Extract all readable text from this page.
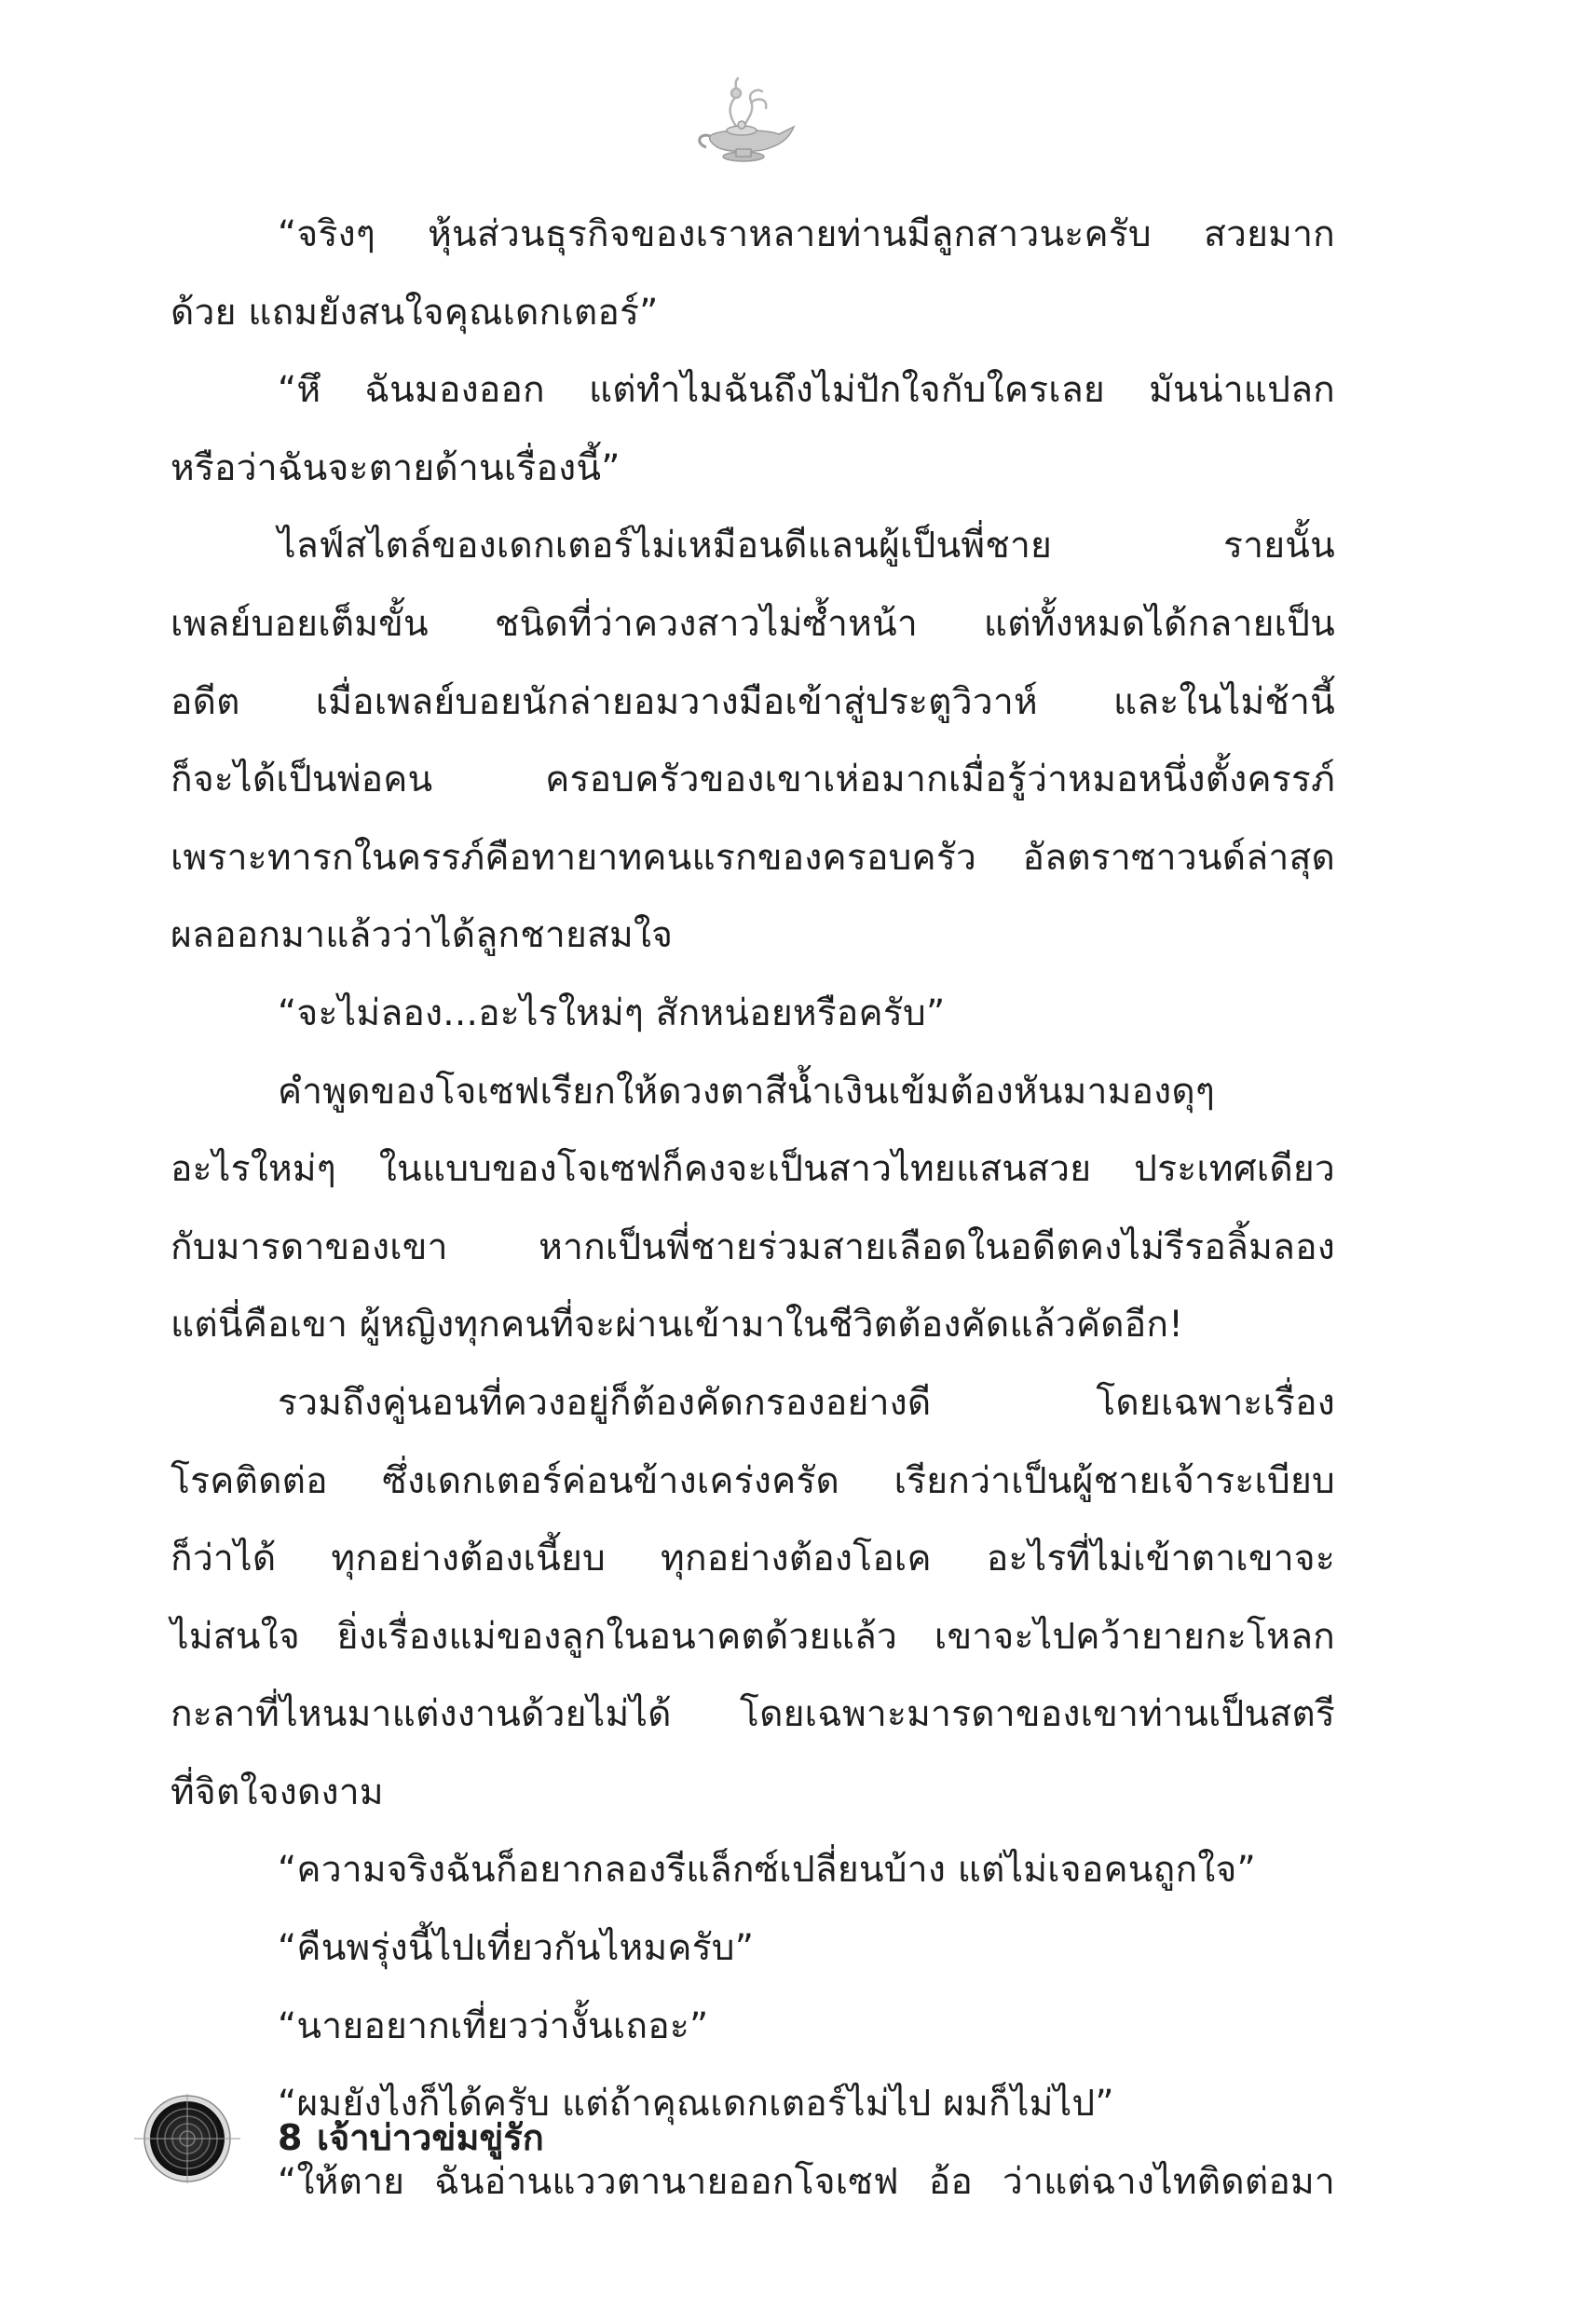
“จริงๆ หุ้นส่วนธุรกิจของเราหลายท่านมีลูกสาวนะครับ สวยมาก
ด้วย แถมยังสนใจคุณเดกเตอร์”
“หึ ฉันมองออก แต่ทำไมฉันถึงไม่ปักใจกับใครเลย มันน่าแปลก
หรือว่าฉันจะตายด้านเรื่องนี้”
ไลฟ์สไตล์ของเดกเตอร์ไม่เหมือนดีแลนผู้เป็นพี่ชาย รายนั้น
เพลย์บอยเต็มขั้น ชนิดที่ว่าควงสาวไม่ซ้ำหน้า แต่ทั้งหมดได้กลายเป็น
อดีต เมื่อเพลย์บอยนักล่ายอมวางมือเข้าสู่ประตูวิวาห์ และในไม่ช้านี้
ก็จะได้เป็นพ่อคน ครอบครัวของเขาเห่อมากเมื่อรู้ว่าหมอหนึ่งตั้งครรภ์
เพราะทารกในครรภ์คือทายาทคนแรกของครอบครัว อัลตราซาวนด์ล่าสุด
ผลออกมาแล้วว่าได้ลูกชายสมใจ
“จะไม่ลอง...อะไรใหม่ๆ สักหน่อยหรือครับ”
คำพูดของโจเซฟเรียกให้ดวงตาสีน้ำเงินเข้มต้องหันมามองดุๆ
อะไรใหม่ๆ ในแบบของโจเซฟก็คงจะเป็นสาวไทยแสนสวย ประเทศเดียว
กับมารดาของเขา หากเป็นพี่ชายร่วมสายเลือดในอดีตคงไม่รีรอลิ้มลอง
แต่นี่คือเขา ผู้หญิงทุกคนที่จะผ่านเข้ามาในชีวิตต้องคัดแล้วคัดอีก!
รวมถึงคู่นอนที่ควงอยู่ก็ต้องคัดกรองอย่างดี โดยเฉพาะเรื่อง
โรคติดต่อ ซึ่งเดกเตอร์ค่อนข้างเคร่งครัด เรียกว่าเป็นผู้ชายเจ้าระเบียบ
ก็ว่าได้ ทุกอย่างต้องเนี้ยบ ทุกอย่างต้องโอเค อะไรที่ไม่เข้าตาเขาจะ
ไม่สนใจ ยิ่งเรื่องแม่ของลูกในอนาคตด้วยแล้ว เขาจะไปคว้ายายกะโหลก
กะลาที่ไหนมาแต่งงานด้วยไม่ได้ โดยเฉพาะมารดาของเขาท่านเป็นสตรี
ที่จิตใจงดงาม
“ความจริงฉันก็อยากลองรีแล็กซ์เปลี่ยนบ้าง แต่ไม่เจอคนถูกใจ”
“คืนพรุ่งนี้ไปเที่ยวกันไหมครับ”
“นายอยากเที่ยวว่างั้นเถอะ”
“ผมยังไงก็ได้ครับ แต่ถ้าคุณเดกเตอร์ไม่ไป ผมก็ไม่ไป”
“ให้ตาย ฉันอ่านแววตานายออกโจเซฟ อ้อ ว่าแต่ฉางไทติดต่อมา
8 เจ้าบ่าวข่มขู่รัก
